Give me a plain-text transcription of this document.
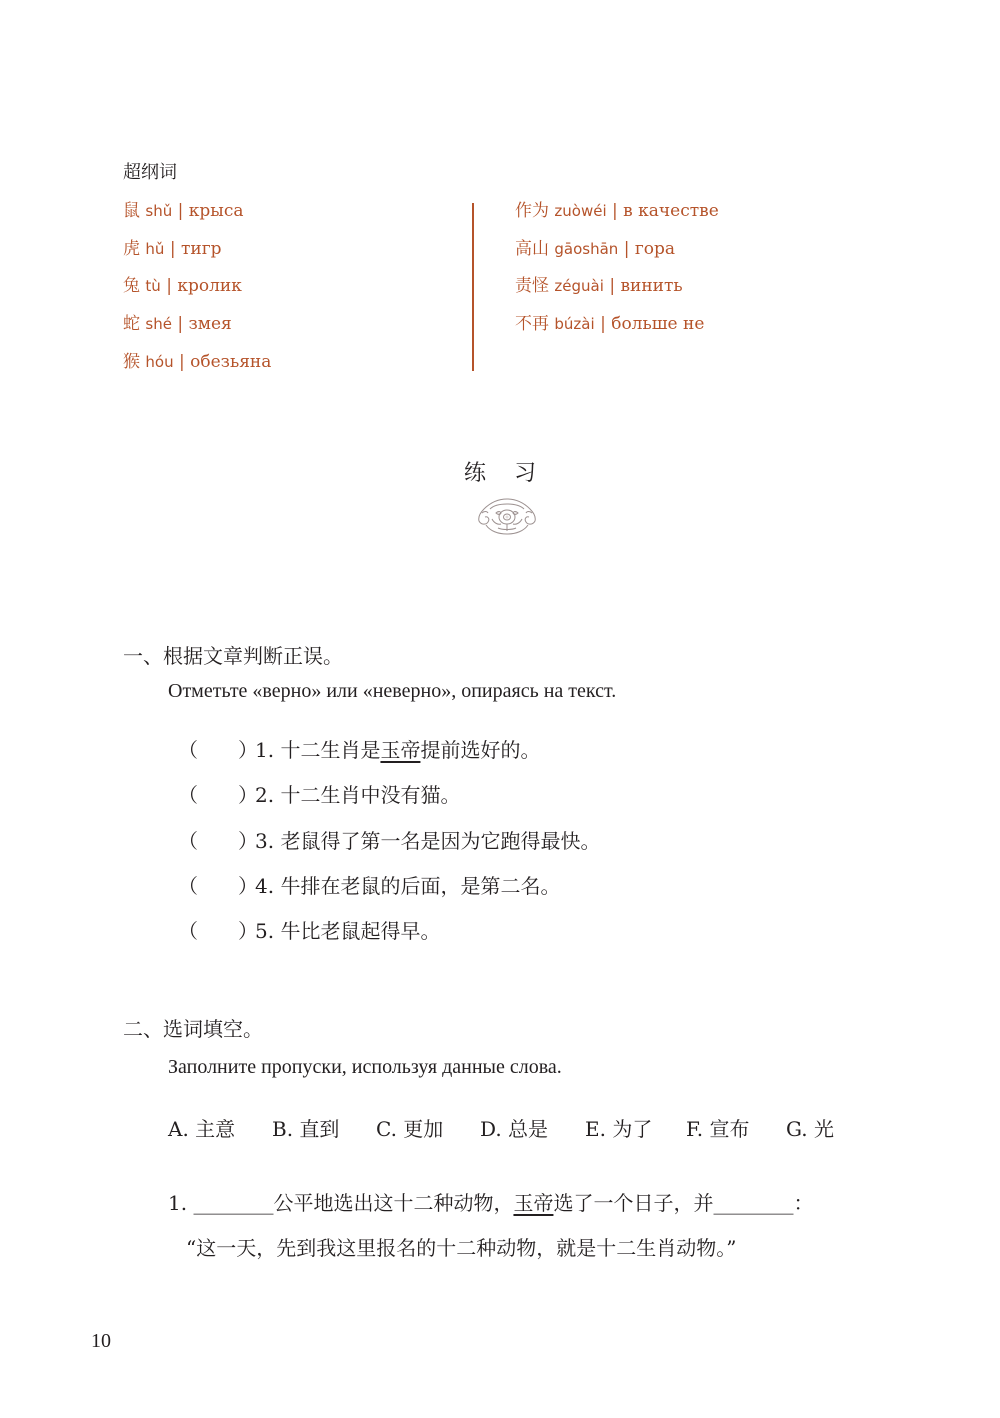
超纲词
鼠 shǔ | крыса
虎 hǔ | тигр
兔 tù | кролик
蛇 shé | змея
猴 hóu | обезьяна
作为 zuòwéi | в качестве
高山 gāoshān | гора
责怪 zéguài | винить
不再 búzài | больше не
练习
一、根据文章判断正误。
Отметьте «верно» или «неверно», опираясь на текст.
（　　）
1. 十二生肖是 玉帝 提前选好的。
（　　）
2. 十二生肖中没有猫。
（　　）
3. 老鼠得了第一名是因为它跑得最快。
（　　）
4. 牛排在老鼠的后面，是第二名。
（　　）
5. 牛比老鼠起得早。
二、选词填空。
Заполните пропуски, используя данные слова.
A. 主意	B. 直到	C. 更加	D. 总是	E. 为了	F. 宣布	G. 光
1. ________公平地选出这十二种动物，玉帝选了一个日子，并________：
“这一天，先到我这里报名的十二种动物，就是十二生肖动物。”
10
